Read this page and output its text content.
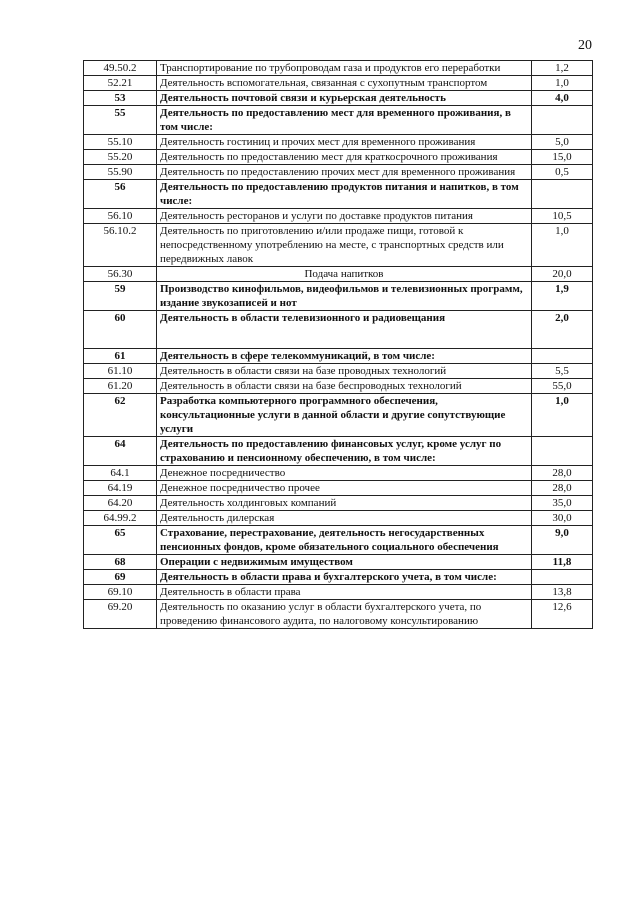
20
49.50.2	Транспортирование по трубопроводам газа и продуктов его переработки	1,2
52.21	Деятельность вспомогательная, связанная с сухопутным транспортом	1,0
53	Деятельность почтовой связи и курьерская деятельность	4,0
55	Деятельность по предоставлению мест для временного проживания, в том числе:	
55.10	Деятельность гостиниц и прочих мест для временного проживания	5,0
55.20	Деятельность по предоставлению мест для краткосрочного проживания	15,0
55.90	Деятельность по предоставлению прочих мест для временного проживания	0,5
56	Деятельность по предоставлению продуктов питания и напитков, в том числе:	
56.10	Деятельность ресторанов и услуги по доставке продуктов питания	10,5
56.10.2	Деятельность по приготовлению и/или продаже пищи, готовой к непосредственному употреблению на месте, с транспортных средств или передвижных лавок	1,0
56.30	Подача напитков	20,0
59	Производство кинофильмов, видеофильмов и телевизионных программ, издание звукозаписей и нот	1,9
60	Деятельность в области телевизионного и радиовещания	2,0
61	Деятельность в сфере телекоммуникаций, в том числе:	
61.10	Деятельность в области связи на базе проводных технологий	5,5
61.20	Деятельность в области связи на базе беспроводных технологий	55,0
62	Разработка компьютерного программного обеспечения, консультационные услуги в данной области и другие сопутствующие услуги	1,0
64	Деятельность по предоставлению финансовых услуг, кроме услуг по страхованию и пенсионному обеспечению, в том числе:	
64.1	Денежное посредничество	28,0
64.19	Денежное посредничество прочее	28,0
64.20	Деятельность холдинговых компаний	35,0
64.99.2	Деятельность дилерская	30,0
65	Страхование, перестрахование, деятельность негосударственных пенсионных фондов, кроме обязательного социального обеспечения	9,0
68	Операции с недвижимым имуществом	11,8
69	Деятельность в области права и бухгалтерского учета, в том числе:	
69.10	Деятельность в области права	13,8
69.20	Деятельность по оказанию услуг в области бухгалтерского учета, по проведению финансового аудита, по налоговому консультированию	12,6
